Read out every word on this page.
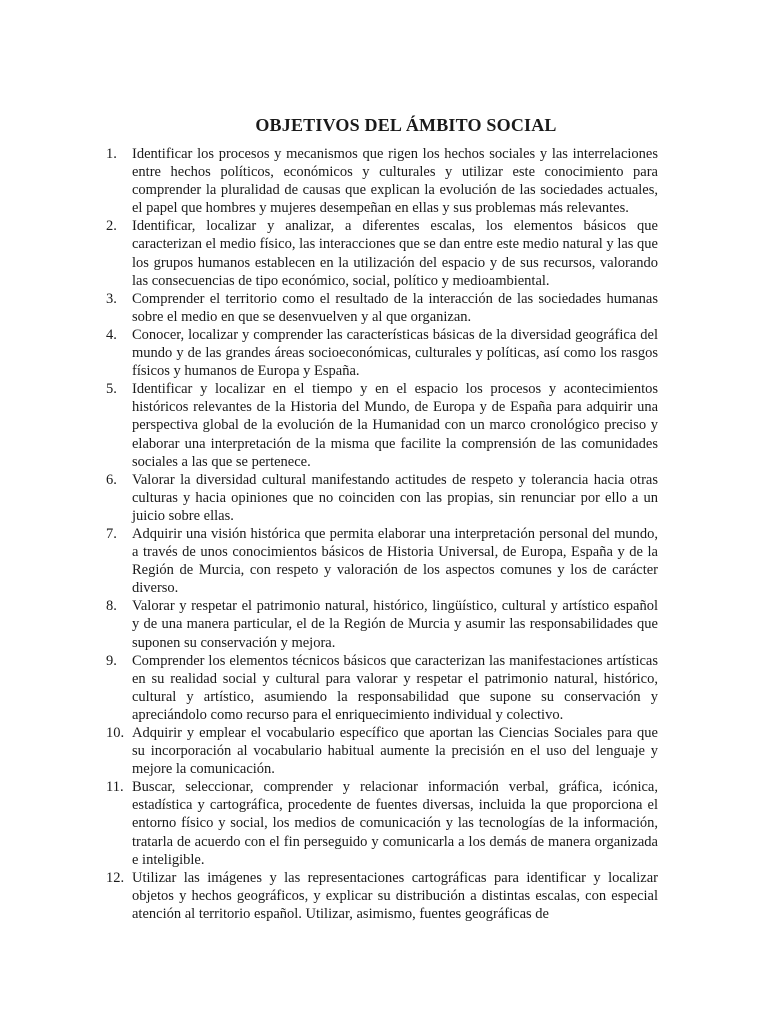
OBJETIVOS DEL ÁMBITO SOCIAL
1. Identificar los procesos y mecanismos que rigen los hechos sociales y las interrelaciones entre hechos políticos, económicos y culturales y utilizar este conocimiento para comprender la pluralidad de causas que explican la evolución de las sociedades actuales, el papel que hombres y mujeres desempeñan en ellas y sus problemas más relevantes.
2. Identificar, localizar y analizar, a diferentes escalas, los elementos básicos que caracterizan el medio físico, las interacciones que se dan entre este medio natural y las que los grupos humanos establecen en la utilización del espacio y de sus recursos, valorando las consecuencias de tipo económico, social, político y medioambiental.
3. Comprender el territorio como el resultado de la interacción de las sociedades humanas sobre el medio en que se desenvuelven y al que organizan.
4. Conocer, localizar y comprender las características básicas de la diversidad geográfica del mundo y de las grandes áreas socioeconómicas, culturales y políticas, así como los rasgos físicos y humanos de Europa y España.
5. Identificar y localizar en el tiempo y en el espacio los procesos y acontecimientos históricos relevantes de la Historia del Mundo, de Europa y de España para adquirir una perspectiva global de la evolución de la Humanidad con un marco cronológico preciso y elaborar una interpretación de la misma que facilite la comprensión de las comunidades sociales a las que se pertenece.
6. Valorar la diversidad cultural manifestando actitudes de respeto y tolerancia hacia otras culturas y hacia opiniones que no coinciden con las propias, sin renunciar por ello a un juicio sobre ellas.
7. Adquirir una visión histórica que permita elaborar una interpretación personal del mundo, a través de unos conocimientos básicos de Historia Universal, de Europa, España y de la Región de Murcia, con respeto y valoración de los aspectos comunes y los de carácter diverso.
8. Valorar y respetar el patrimonio natural, histórico, lingüístico, cultural y artístico español y de una manera particular, el de la Región de Murcia y asumir las responsabilidades que suponen su conservación y mejora.
9. Comprender los elementos técnicos básicos que caracterizan las manifestaciones artísticas en su realidad social y cultural para valorar y respetar el patrimonio natural, histórico, cultural y artístico, asumiendo la responsabilidad que supone su conservación y apreciándolo como recurso para el enriquecimiento individual y colectivo.
10. Adquirir y emplear el vocabulario específico que aportan las Ciencias Sociales para que su incorporación al vocabulario habitual aumente la precisión en el uso del lenguaje y mejore la comunicación.
11. Buscar, seleccionar, comprender y relacionar información verbal, gráfica, icónica, estadística y cartográfica, procedente de fuentes diversas, incluida la que proporciona el entorno físico y social, los medios de comunicación y las tecnologías de la información, tratarla de acuerdo con el fin perseguido y comunicarla a los demás de manera organizada e inteligible.
12. Utilizar las imágenes y las representaciones cartográficas para identificar y localizar objetos y hechos geográficos, y explicar su distribución a distintas escalas, con especial atención al territorio español. Utilizar, asimismo, fuentes geográficas de
